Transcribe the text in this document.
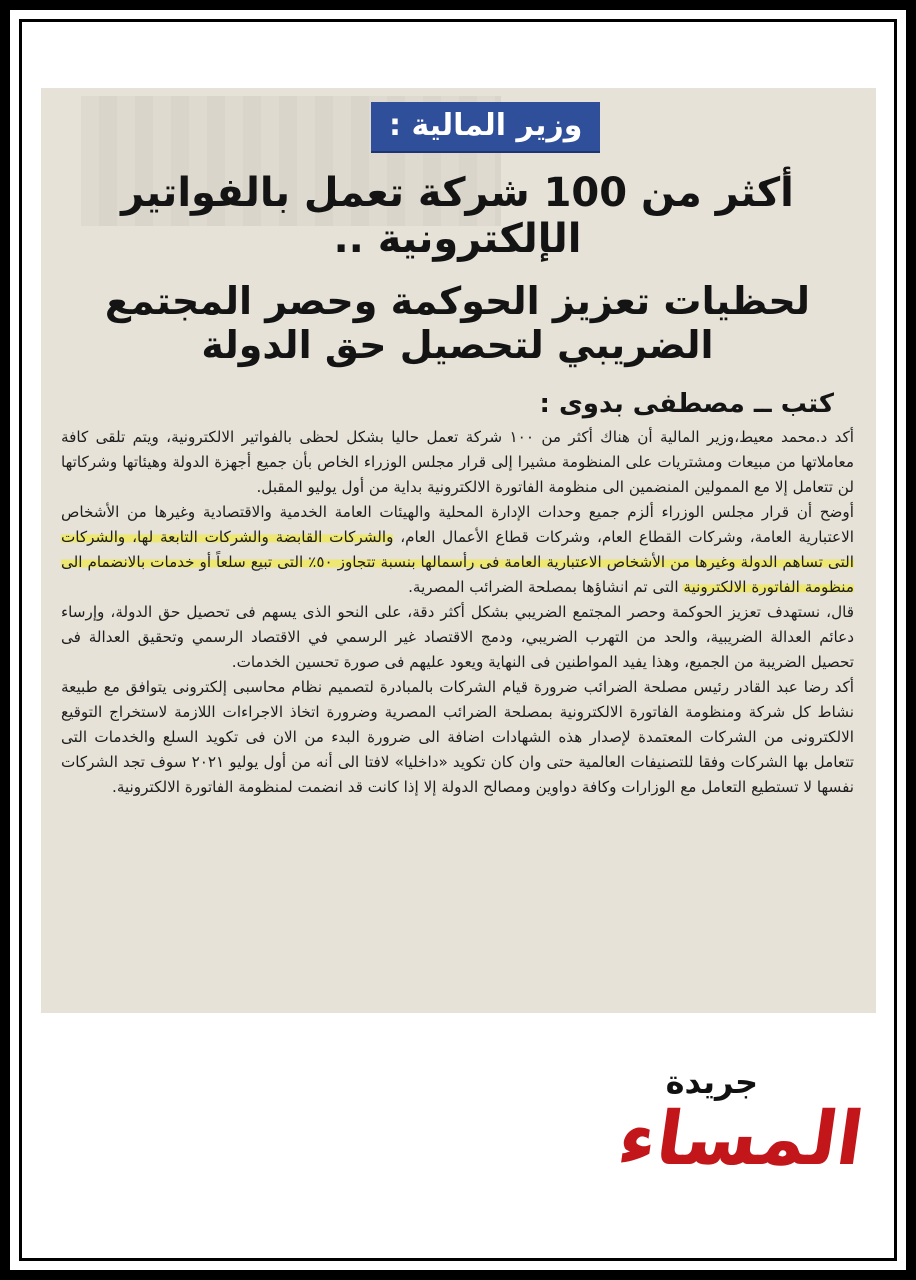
وزير المالية :
أكثر من 100 شركة تعمل بالفواتير الإلكترونية ..
لحظيات تعزيز الحوكمة وحصر المجتمع الضريبي لتحصيل حق الدولة
كتب ــ مصطفى بدوى :

أكد د.محمد معيط،وزير المالية أن هناك أكثر من ١٠٠ شركة تعمل حاليا بشكل لحظى بالفواتير الالكترونية، ويتم تلقى كافة معاملاتها من مبيعات ومشتريات على المنظومة مشيرا إلى قرار مجلس الوزراء الخاص بأن جميع أجهزة الدولة وهيئاتها وشركاتها لن تتعامل إلا مع الممولين المنضمين الى منظومة الفاتورة الالكترونية بداية من أول يوليو المقبل.

أوضح أن قرار مجلس الوزراء ألزم جميع وحدات الإدارة المحلية والهيئات العامة الخدمية والاقتصادية وغيرها من الأشخاص الاعتبارية العامة، وشركات القطاع العام، وشركات قطاع الأعمال العام، والشركات القابضة والشركات التابعة لها، والشركات التى تساهم الدولة وغيرها من الأشخاص الاعتبارية العامة فى رأسمالها بنسبة تتجاوز ٥٠٪ التى تبيع سلعاً أو خدمات بالانضمام الى منظومة الفاتورة الالكترونية التى تم انشاؤها بمصلحة الضرائب المصرية.

قال، نستهدف تعزيز الحوكمة وحصر المجتمع الضريبي بشكل أكثر دقة، على النحو الذى يسهم فى تحصيل حق الدولة، وإرساء دعائم العدالة الضريبية، والحد من التهرب الضريبي، ودمج الاقتصاد غير الرسمي في الاقتصاد الرسمي وتحقيق العدالة فى تحصيل الضريبة من الجميع، وهذا يفيد المواطنين فى النهاية ويعود عليهم فى صورة تحسين الخدمات.

أكد رضا عبد القادر رئيس مصلحة الضرائب ضرورة قيام الشركات بالمبادرة لتصميم نظام محاسبى إلكترونى يتوافق مع طبيعة نشاط كل شركة ومنظومة الفاتورة الالكترونية بمصلحة الضرائب المصرية وضرورة اتخاذ الاجراءات اللازمة لاستخراج التوقيع الالكترونى من الشركات المعتمدة لإصدار هذه الشهادات اضافة الى ضرورة البدء من الان فى تكويد السلع والخدمات التى تتعامل بها الشركات وفقا للتصنيفات العالمية حتى وان كان تكويد «داخليا» لافتا الى أنه من أول يوليو ٢٠٢١ سوف تجد الشركات نفسها لا تستطيع التعامل مع الوزارات وكافة دواوين ومصالح الدولة إلا إذا كانت قد انضمت لمنظومة الفاتورة الالكترونية.

جريدة
المساء
